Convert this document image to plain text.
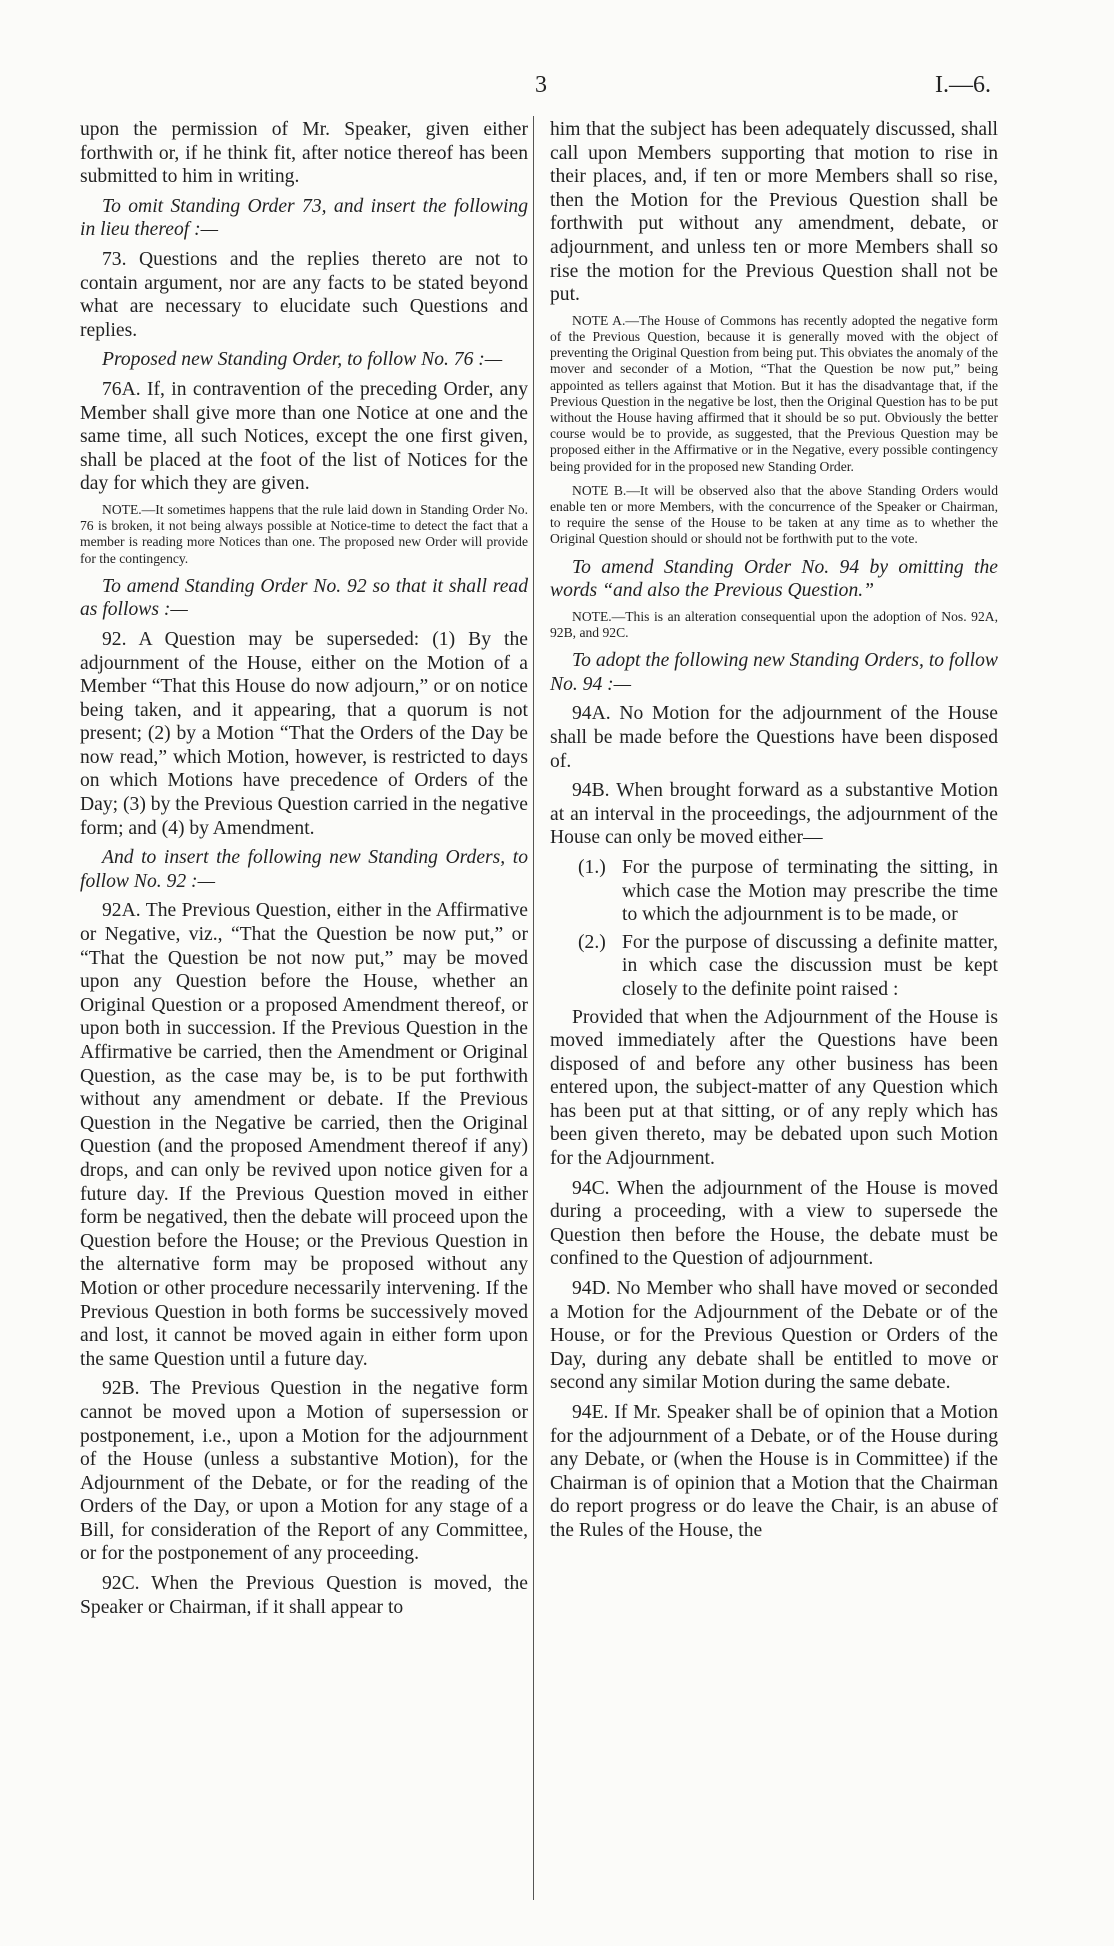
3	I.—6.

upon the permission of Mr. Speaker, given either forthwith or, if he think fit, after notice thereof has been submitted to him in writing.

To omit Standing Order 73, and insert the following in lieu thereof :—

73. Questions and the replies thereto are not to contain argument, nor are any facts to be stated beyond what are necessary to elucidate such Questions and replies.

Proposed new Standing Order, to follow No. 76 :—

76A. If, in contravention of the preceding Order, any Member shall give more than one Notice at one and the same time, all such Notices, except the one first given, shall be placed at the foot of the list of Notices for the day for which they are given.

NOTE.—It sometimes happens that the rule laid down in Standing Order No. 76 is broken, it not being always possible at Notice-time to detect the fact that a member is reading more Notices than one. The proposed new Order will provide for the contingency.

To amend Standing Order No. 92 so that it shall read as follows :—

92. A Question may be superseded: (1) By the adjournment of the House, either on the Motion of a Member “That this House do now adjourn,” or on notice being taken, and it appearing, that a quorum is not present; (2) by a Motion “That the Orders of the Day be now read,” which Motion, however, is restricted to days on which Motions have precedence of Orders of the Day; (3) by the Previous Question carried in the negative form; and (4) by Amendment.

And to insert the following new Standing Orders, to follow No. 92 :—

92A. The Previous Question, either in the Affirmative or Negative, viz., “That the Question be now put,” or “That the Question be not now put,” may be moved upon any Question before the House, whether an Original Question or a proposed Amendment thereof, or upon both in succession. If the Previous Question in the Affirmative be carried, then the Amendment or Original Question, as the case may be, is to be put forthwith without any amendment or debate. If the Previous Question in the Negative be carried, then the Original Question (and the proposed Amendment thereof if any) drops, and can only be revived upon notice given for a future day. If the Previous Question moved in either form be negatived, then the debate will proceed upon the Question before the House; or the Previous Question in the alternative form may be proposed without any Motion or other procedure necessarily intervening. If the Previous Question in both forms be successively moved and lost, it cannot be moved again in either form upon the same Question until a future day.

92B. The Previous Question in the negative form cannot be moved upon a Motion of supersession or postponement, i.e., upon a Motion for the adjournment of the House (unless a substantive Motion), for the Adjournment of the Debate, or for the reading of the Orders of the Day, or upon a Motion for any stage of a Bill, for consideration of the Report of any Committee, or for the postponement of any proceeding.

92C. When the Previous Question is moved, the Speaker or Chairman, if it shall appear to

him that the subject has been adequately discussed, shall call upon Members supporting that motion to rise in their places, and, if ten or more Members shall so rise, then the Motion for the Previous Question shall be forthwith put without any amendment, debate, or adjournment, and unless ten or more Members shall so rise the motion for the Previous Question shall not be put.

NOTE A.—The House of Commons has recently adopted the negative form of the Previous Question, because it is generally moved with the object of preventing the Original Question from being put. This obviates the anomaly of the mover and seconder of a Motion, “That the Question be now put,” being appointed as tellers against that Motion. But it has the disadvantage that, if the Previous Question in the negative be lost, then the Original Question has to be put without the House having affirmed that it should be so put. Obviously the better course would be to provide, as suggested, that the Previous Question may be proposed either in the Affirmative or in the Negative, every possible contingency being provided for in the proposed new Standing Order.

NOTE B.—It will be observed also that the above Standing Orders would enable ten or more Members, with the concurrence of the Speaker or Chairman, to require the sense of the House to be taken at any time as to whether the Original Question should or should not be forthwith put to the vote.

To amend Standing Order No. 94 by omitting the words “and also the Previous Question.”

NOTE.—This is an alteration consequential upon the adoption of Nos. 92A, 92B, and 92C.

To adopt the following new Standing Orders, to follow No. 94 :—

94A. No Motion for the adjournment of the House shall be made before the Questions have been disposed of.

94B. When brought forward as a substantive Motion at an interval in the proceedings, the adjournment of the House can only be moved either—

(1.) For the purpose of terminating the sitting, in which case the Motion may prescribe the time to which the adjournment is to be made, or
(2.) For the purpose of discussing a definite matter, in which case the discussion must be kept closely to the definite point raised :

Provided that when the Adjournment of the House is moved immediately after the Questions have been disposed of and before any other business has been entered upon, the subject-matter of any Question which has been put at that sitting, or of any reply which has been given thereto, may be debated upon such Motion for the Adjournment.

94C. When the adjournment of the House is moved during a proceeding, with a view to supersede the Question then before the House, the debate must be confined to the Question of adjournment.

94D. No Member who shall have moved or seconded a Motion for the Adjournment of the Debate or of the House, or for the Previous Question or Orders of the Day, during any debate shall be entitled to move or second any similar Motion during the same debate.

94E. If Mr. Speaker shall be of opinion that a Motion for the adjournment of a Debate, or of the House during any Debate, or (when the House is in Committee) if the Chairman is of opinion that a Motion that the Chairman do report progress or do leave the Chair, is an abuse of the Rules of the House, the
